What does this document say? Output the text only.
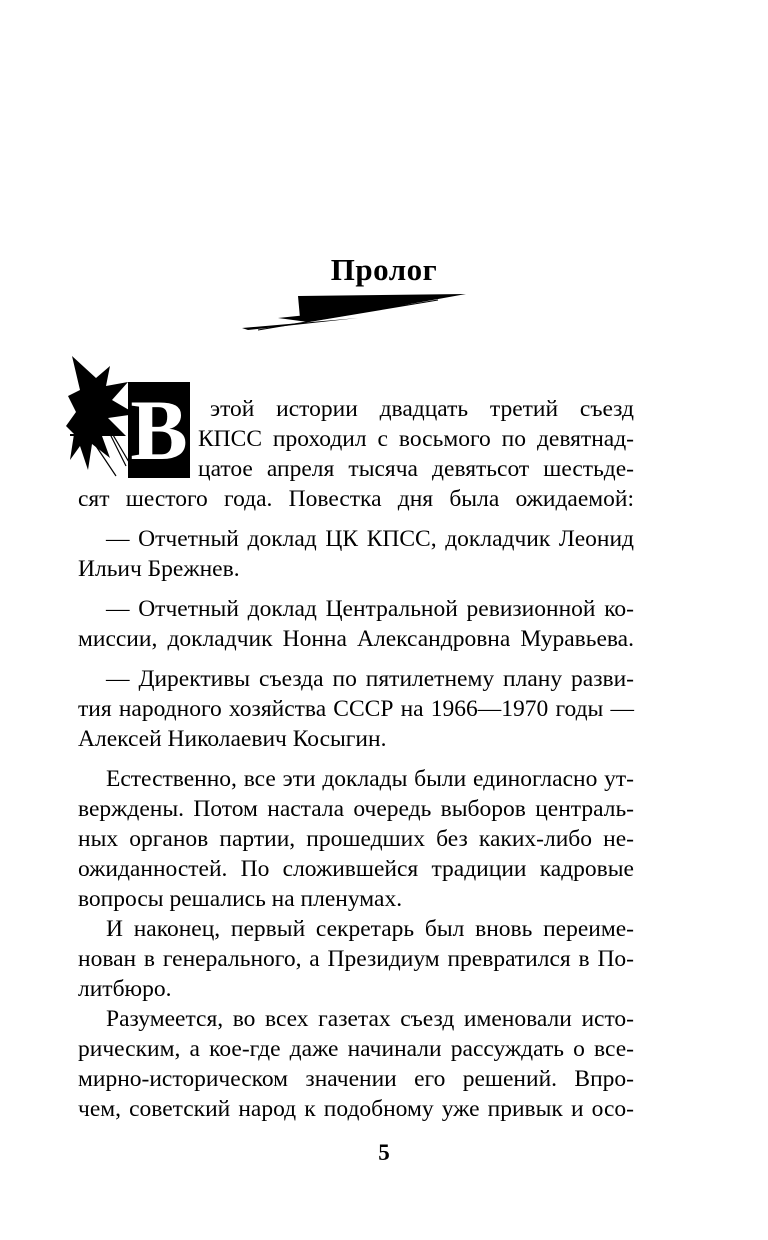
Пролог
В этой истории двадцать третий съезд
КПСС проходил с восьмого по девятнад-
цатое апреля тысяча девятьсот шестьде-
сят шестого года. Повестка дня была ожидаемой:
— Отчетный доклад ЦК КПСС, докладчик Леонид
Ильич Брежнев.
— Отчетный доклад Центральной ревизионной ко-
миссии, докладчик Нонна Александровна Муравьева.
— Директивы съезда по пятилетнему плану разви-
тия народного хозяйства СССР на 1966—1970 годы —
Алексей Николаевич Косыгин.
Естественно, все эти доклады были единогласно ут-
верждены. Потом настала очередь выборов централь-
ных органов партии, прошедших без каких-либо не-
ожиданностей. По сложившейся традиции кадровые
вопросы решались на пленумах.
И наконец, первый секретарь был вновь переиме-
нован в генерального, а Президиум превратился в По-
литбюро.
Разумеется, во всех газетах съезд именовали исто-
рическим, а кое-где даже начинали рассуждать о все-
мирно-историческом значении его решений. Впро-
чем, советский народ к подобному уже привык и осо-
5
